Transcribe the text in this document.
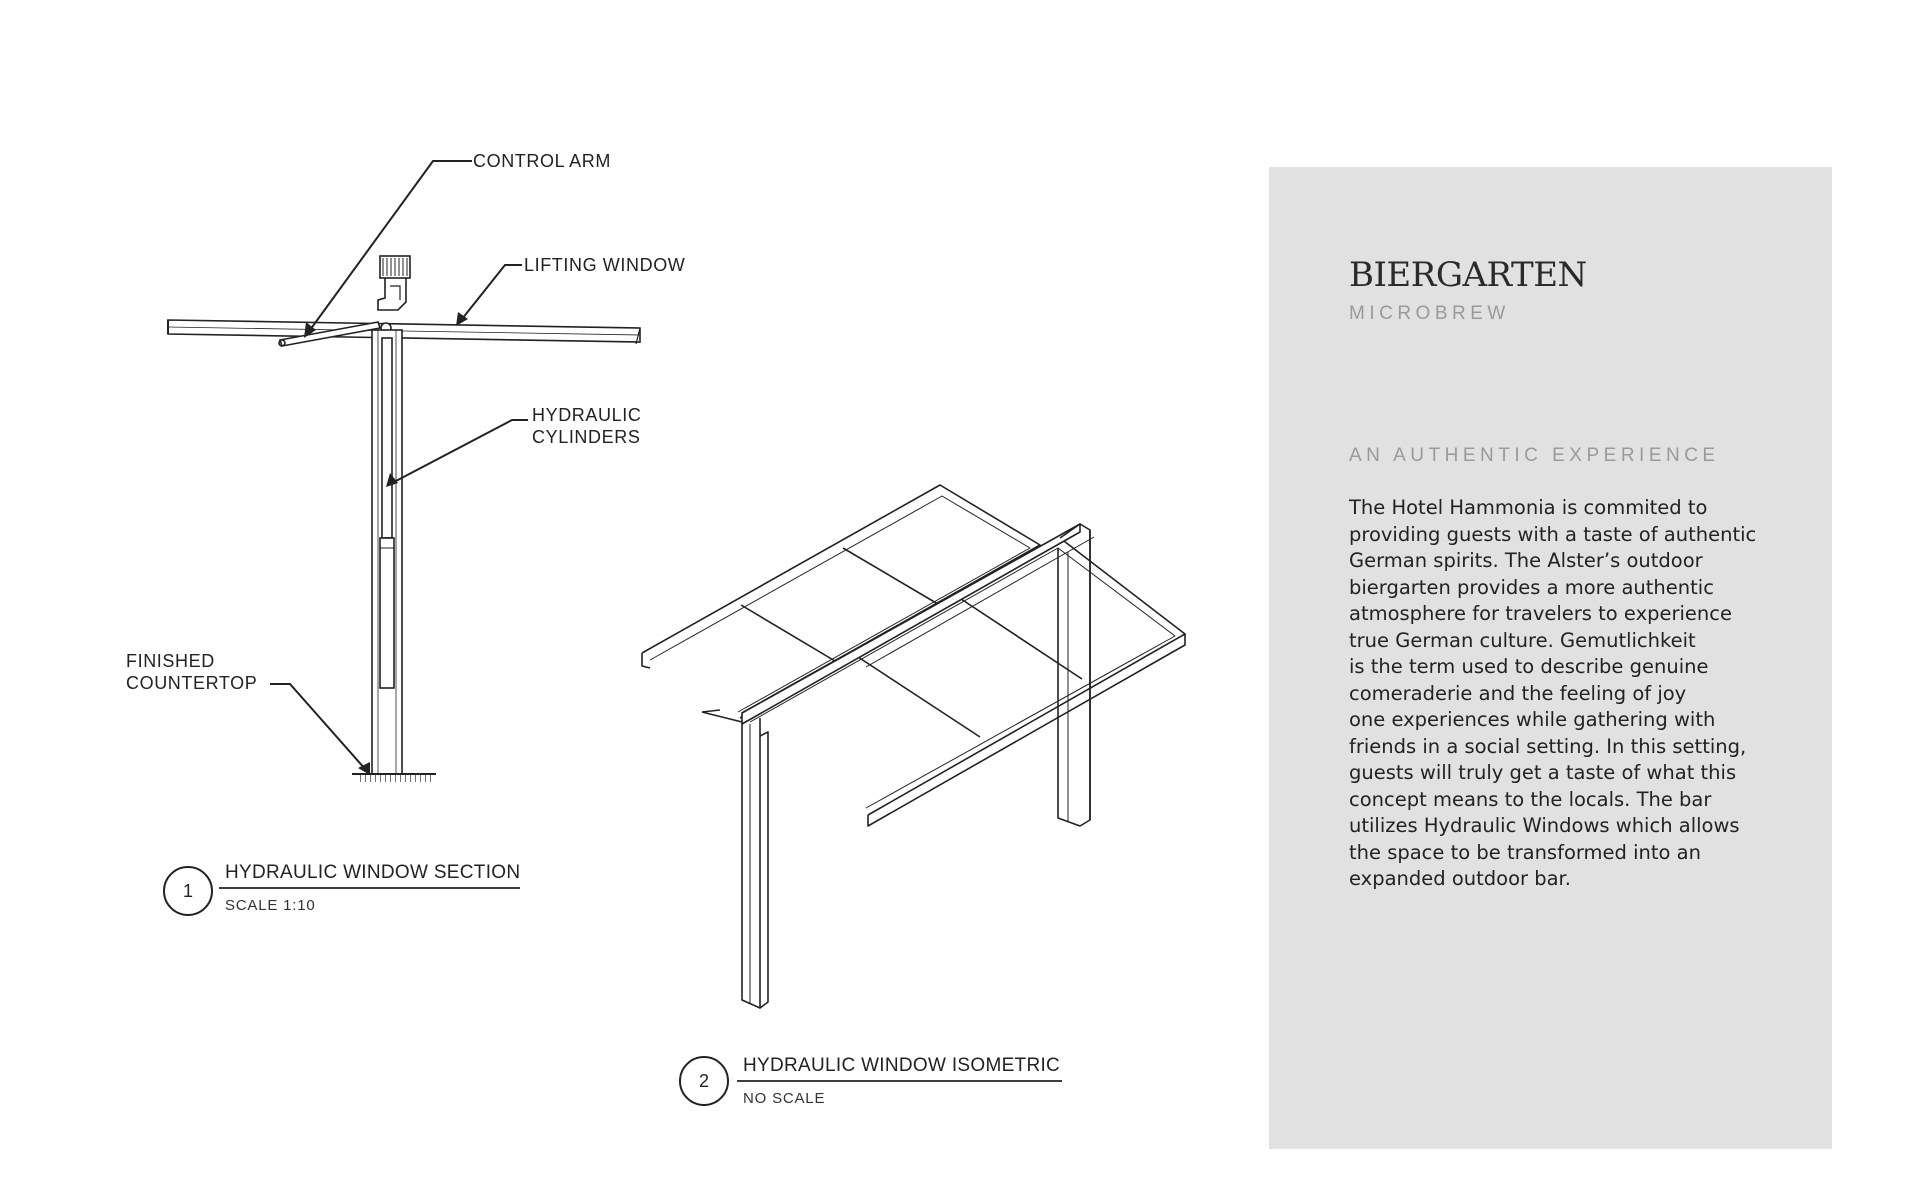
CONTROL ARM
LIFTING WINDOW
HYDRAULIC
CYLINDERS
FINISHED
COUNTERTOP
1
HYDRAULIC WINDOW SECTION
SCALE 1:10
2
HYDRAULIC WINDOW ISOMETRIC
NO SCALE
BIERGARTEN
MICROBREW
AN AUTHENTIC EXPERIENCE
The Hotel Hammonia is commited to
providing guests with a taste of authentic
German spirits. The Alster’s outdoor
biergarten provides a more authentic
atmosphere for travelers to experience
true German culture. Gemutlichkeit
is the term used to describe genuine
comeraderie and the feeling of joy
one experiences while gathering with
friends in a social setting. In this setting,
guests will truly get a taste of what this
concept means to the locals. The bar
utilizes Hydraulic Windows which allows
the space to be transformed into an
expanded outdoor bar.
